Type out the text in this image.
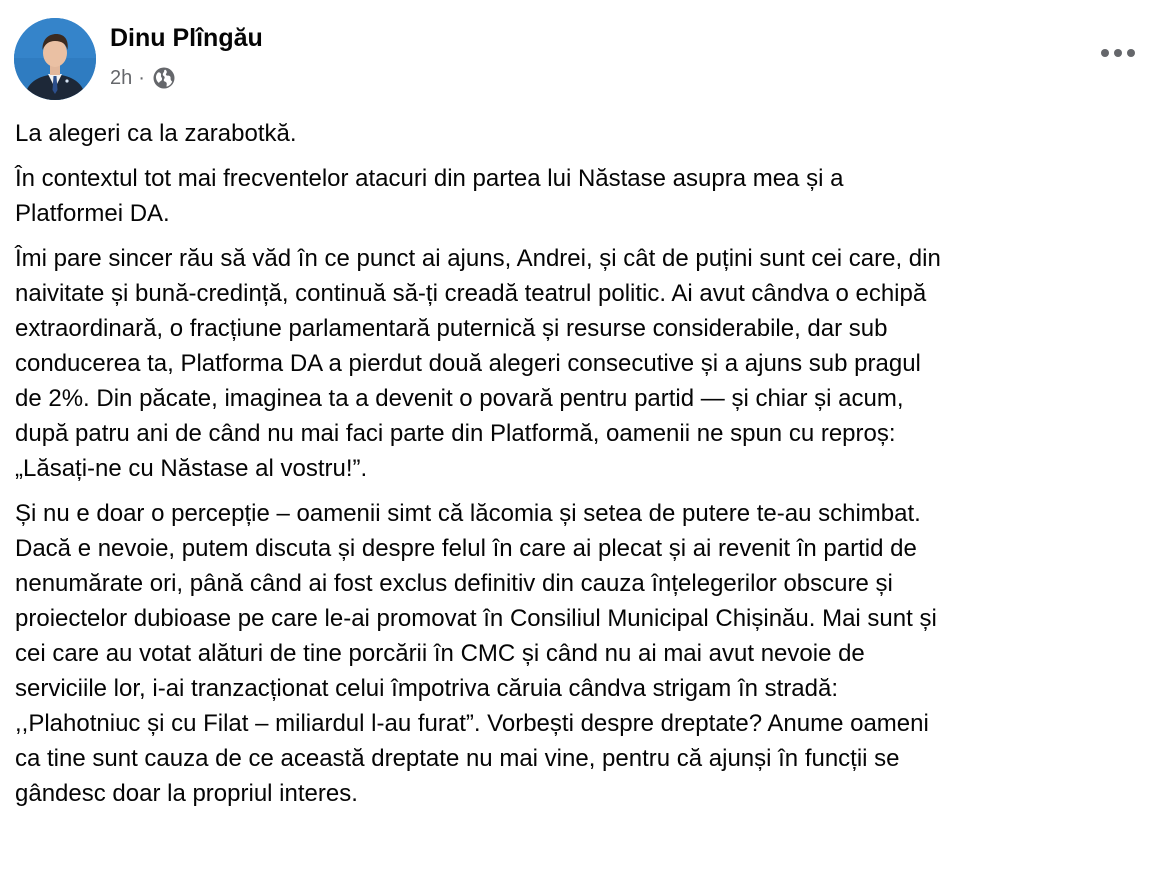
Dinu Plîngău
2h ·

La alegeri ca la zarabotkă.

În contextul tot mai frecventelor atacuri din partea lui Năstase asupra mea și a
Platformei DA.

Îmi pare sincer rău să văd în ce punct ai ajuns, Andrei, și cât de puțini sunt cei care, din
naivitate și bună-credință, continuă să-ți creadă teatrul politic. Ai avut cândva o echipă
extraordinară, o fracțiune parlamentară puternică și resurse considerabile, dar sub
conducerea ta, Platforma DA a pierdut două alegeri consecutive și a ajuns sub pragul
de 2%. Din păcate, imaginea ta a devenit o povară pentru partid — și chiar și acum,
după patru ani de când nu mai faci parte din Platformă, oamenii ne spun cu reproș:
„Lăsați-ne cu Năstase al vostru!”.

Și nu e doar o percepție – oamenii simt că lăcomia și setea de putere te-au schimbat.
Dacă e nevoie, putem discuta și despre felul în care ai plecat și ai revenit în partid de
nenumărate ori, până când ai fost exclus definitiv din cauza înțelegerilor obscure și
proiectelor dubioase pe care le-ai promovat în Consiliul Municipal Chișinău. Mai sunt și
cei care au votat alături de tine porcării în CMC și când nu ai mai avut nevoie de
serviciile lor, i-ai tranzacționat celui împotriva căruia cândva strigam în stradă:
,,Plahotniuc și cu Filat – miliardul l-au furat”. Vorbești despre dreptate? Anume oameni
ca tine sunt cauza de ce această dreptate nu mai vine, pentru că ajunși în funcții se
gândesc doar la propriul interes.
